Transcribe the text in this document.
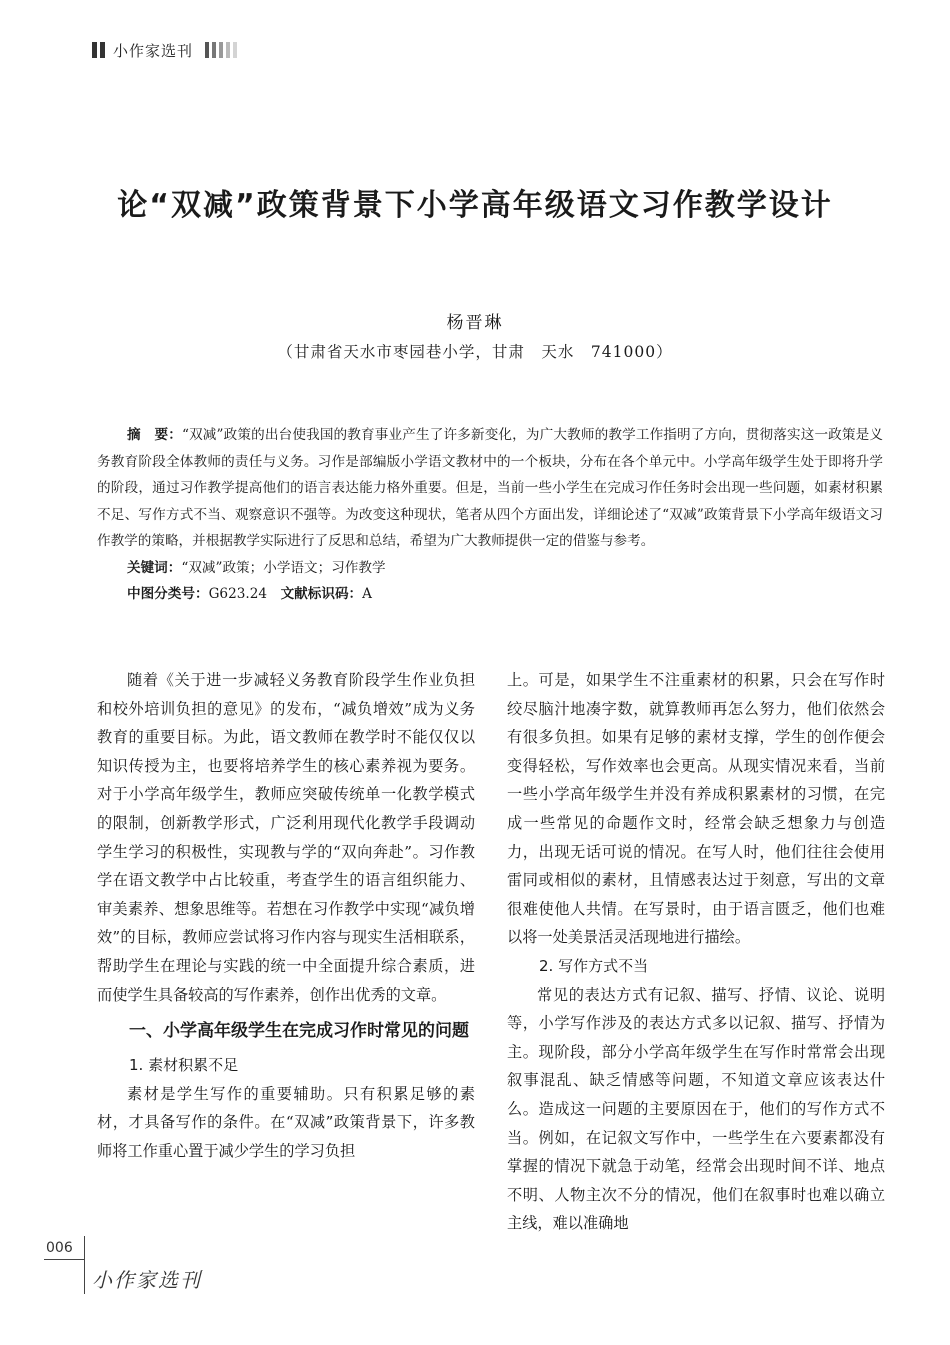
小作家选刊
论“双减”政策背景下小学高年级语文习作教学设计
杨晋琳
（甘肃省天水市枣园巷小学，甘肃　天水　741000）

摘　要：“双减”政策的出台使我国的教育事业产生了许多新变化，为广大教师的教学工作指明了方向，贯彻落实这一政策是义务教育阶段全体教师的责任与义务。习作是部编版小学语文教材中的一个板块，分布在各个单元中。小学高年级学生处于即将升学的阶段，通过习作教学提高他们的语言表达能力格外重要。但是，当前一些小学生在完成习作任务时会出现一些问题，如素材积累不足、写作方式不当、观察意识不强等。为改变这种现状，笔者从四个方面出发，详细论述了“双减”政策背景下小学高年级语文习作教学的策略，并根据教学实际进行了反思和总结，希望为广大教师提供一定的借鉴与参考。

关键词：“双减”政策；小学语文；习作教学

中图分类号：G623.24  文献标识码：A

随着《关于进一步减轻义务教育阶段学生作业负担和校外培训负担的意见》的发布，“减负增效”成为义务教育的重要目标。为此，语文教师在教学时不能仅仅以知识传授为主，也要将培养学生的核心素养视为要务。对于小学高年级学生，教师应突破传统单一化教学模式的限制，创新教学形式，广泛利用现代化教学手段调动学生学习的积极性，实现教与学的“双向奔赴”。习作教学在语文教学中占比较重，考查学生的语言组织能力、审美素养、想象思维等。若想在习作教学中实现“减负增效”的目标，教师应尝试将习作内容与现实生活相联系，帮助学生在理论与实践的统一中全面提升综合素质，进而使学生具备较高的写作素养，创作出优秀的文章。

一、小学高年级学生在完成习作时常见的问题
1. 素材积累不足

素材是学生写作的重要辅助。只有积累足够的素材，才具备写作的条件。在“双减”政策背景下，许多教师将工作重心置于减少学生的学习负担

上。可是，如果学生不注重素材的积累，只会在写作时绞尽脑汁地凑字数，就算教师再怎么努力，他们依然会有很多负担。如果有足够的素材支撑，学生的创作便会变得轻松，写作效率也会更高。从现实情况来看，当前一些小学高年级学生并没有养成积累素材的习惯，在完成一些常见的命题作文时，经常会缺乏想象力与创造力，出现无话可说的情况。在写人时，他们往往会使用雷同或相似的素材，且情感表达过于刻意，写出的文章很难使他人共情。在写景时，由于语言匮乏，他们也难以将一处美景活灵活现地进行描绘。

2. 写作方式不当

常见的表达方式有记叙、描写、抒情、议论、说明等，小学写作涉及的表达方式多以记叙、描写、抒情为主。现阶段，部分小学高年级学生在写作时常常会出现叙事混乱、缺乏情感等问题，不知道文章应该表达什么。造成这一问题的主要原因在于，他们的写作方式不当。例如，在记叙文写作中，一些学生在六要素都没有掌握的情况下就急于动笔，经常会出现时间不详、地点不明、人物主次不分的情况，他们在叙事时也难以确立主线，难以准确地

006
小作家选刊
